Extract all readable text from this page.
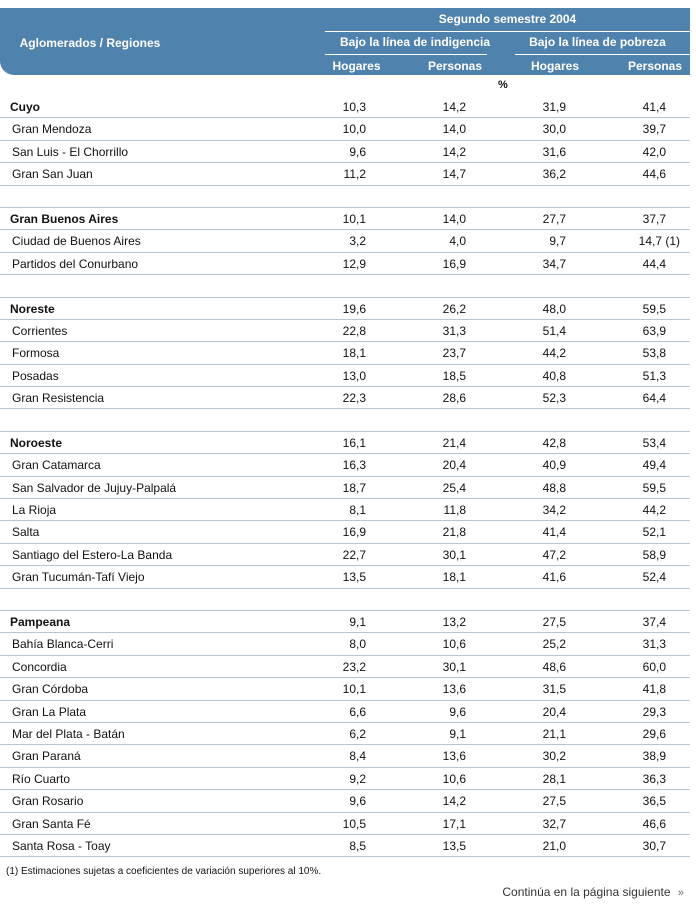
Aglomerados / Regiones
Segundo semestre 2004
Bajo la línea de indigencia	Bajo la línea de pobreza
Hogares	Personas	Hogares	Personas
%
Cuyo	10,3	14,2	31,9	41,4
Gran Mendoza	10,0	14,0	30,0	39,7
San Luis - El Chorrillo	9,6	14,2	31,6	42,0
Gran San Juan	11,2	14,7	36,2	44,6
Gran Buenos Aires	10,1	14,0	27,7	37,7
Ciudad de Buenos Aires	3,2	4,0	9,7	14,7 (1)
Partidos del Conurbano	12,9	16,9	34,7	44,4
Noreste	19,6	26,2	48,0	59,5
Corrientes	22,8	31,3	51,4	63,9
Formosa	18,1	23,7	44,2	53,8
Posadas	13,0	18,5	40,8	51,3
Gran Resistencia	22,3	28,6	52,3	64,4
Noroeste	16,1	21,4	42,8	53,4
Gran Catamarca	16,3	20,4	40,9	49,4
San Salvador de Jujuy-Palpalá	18,7	25,4	48,8	59,5
La Rioja	8,1	11,8	34,2	44,2
Salta	16,9	21,8	41,4	52,1
Santiago del Estero-La Banda	22,7	30,1	47,2	58,9
Gran Tucumán-Tafí Viejo	13,5	18,1	41,6	52,4
Pampeana	9,1	13,2	27,5	37,4
Bahía Blanca-Cerri	8,0	10,6	25,2	31,3
Concordia	23,2	30,1	48,6	60,0
Gran Córdoba	10,1	13,6	31,5	41,8
Gran La Plata	6,6	9,6	20,4	29,3
Mar del Plata - Batán	6,2	9,1	21,1	29,6
Gran Paraná	8,4	13,6	30,2	38,9
Río Cuarto	9,2	10,6	28,1	36,3
Gran Rosario	9,6	14,2	27,5	36,5
Gran Santa Fé	10,5	17,1	32,7	46,6
Santa Rosa - Toay	8,5	13,5	21,0	30,7
(1) Estimaciones sujetas a coeficientes de variación superiores al 10%.
Continúa en la página siguiente »
